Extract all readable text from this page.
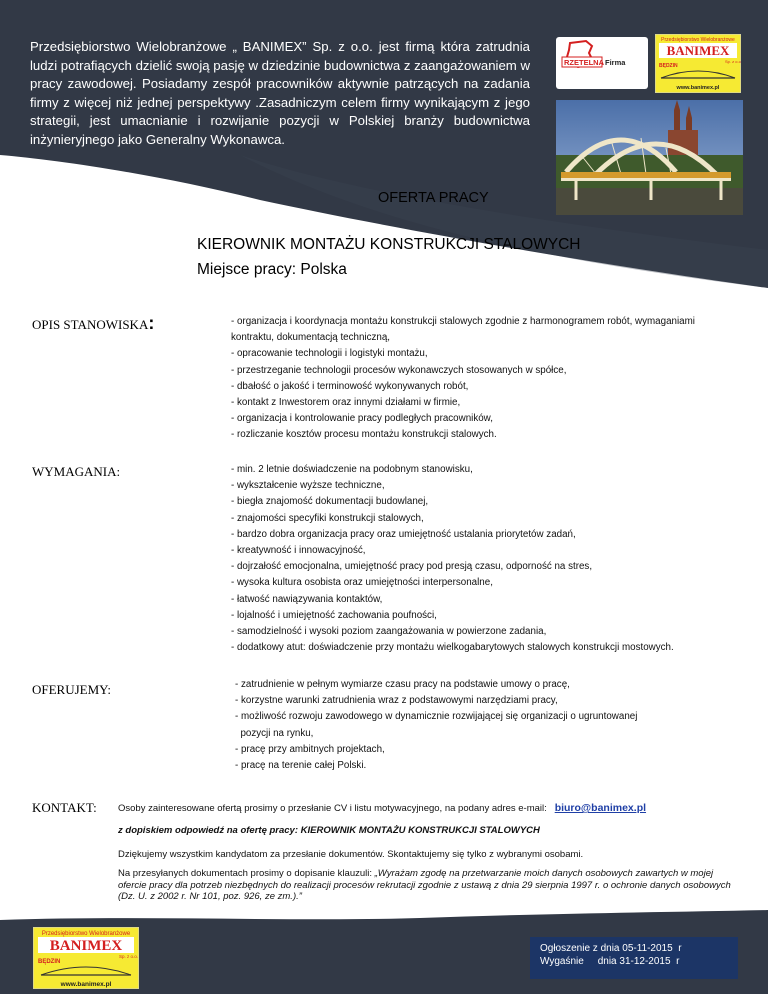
Przedsiębiorstwo Wielobranżowe „ BANIMEX” Sp. z o.o. jest firmą która zatrudnia ludzi potrafiących dzielić swoją pasję w dziedzinie budownictwa z zaangażowaniem w pracy zawodowej. Posiadamy zespół pracowników aktywnie patrzących na zadania firmy z więcej niż jednej perspektywy .Zasadniczym celem firmy wynikającym z jego strategii, jest umacnianie i rozwijanie pozycji w Polskiej branży budownictwa inżynieryjnego jako Generalny Wykonawca.

RZETELNA Firma
Przedsiębiorstwo Wielobranżowe
BANIMEX
Sp. z o.o.
BĘDZIN
www.banimex.pl

OFERTA PRACY

KIEROWNIK MONTAŻU KONSTRUKCJI STALOWYCH

Miejsce pracy: Polska

OPIS STANOWISKA:	- organizacja i koordynacja montażu konstrukcji stalowych zgodnie z harmonogramem robót, wymaganiami
kontraktu, dokumentacją techniczną,
- opracowanie technologii i logistyki montażu,
- przestrzeganie technologii procesów wykonawczych stosowanych w spółce,
- dbałość o jakość i terminowość wykonywanych robót,
- kontakt z Inwestorem oraz innymi działami w firmie,
- organizacja i kontrolowanie pracy podległych pracowników,
- rozliczanie kosztów procesu montażu konstrukcji stalowych.

WYMAGANIA:	- min. 2 letnie doświadczenie na podobnym stanowisku,
- wykształcenie wyższe techniczne,
- biegła znajomość dokumentacji budowlanej,
- znajomości specyfiki konstrukcji stalowych,
- bardzo dobra organizacja pracy oraz umiejętność ustalania priorytetów zadań,
- kreatywność i innowacyjność,
- dojrzałość emocjonalna, umiejętność pracy pod presją czasu, odporność na stres,
- wysoka kultura osobista oraz umiejętności interpersonalne,
- łatwość nawiązywania kontaktów,
- lojalność i umiejętność zachowania poufności,
- samodzielność i wysoki poziom zaangażowania w powierzone zadania,
- dodatkowy atut: doświadczenie przy montażu wielkogabarytowych stalowych konstrukcji mostowych.

OFERUJEMY:	- zatrudnienie w pełnym wymiarze czasu pracy na podstawie umowy o pracę,
- korzystne warunki zatrudnienia wraz z podstawowymi narzędziami pracy,
- możliwość rozwoju zawodowego w dynamicznie rozwijającej się organizacji o ugruntowanej
pozycji na rynku,
- pracę przy ambitnych projektach,
- pracę na terenie całej Polski.

KONTAKT: Osoby zainteresowane ofertą prosimy o przesłanie CV i listu motywacyjnego, na podany adres e-mail: biuro@banimex.pl

z dopiskiem odpowiedź na ofertę pracy: KIEROWNIK MONTAŻU KONSTRUKCJI STALOWYCH

Dziękujemy wszystkim kandydatom za przesłanie dokumentów. Skontaktujemy się tylko z wybranymi osobami.

Na przesyłanych dokumentach prosimy o dopisanie klauzuli: „Wyrażam zgodę na przetwarzanie moich danych osobowych zawartych w mojej ofercie pracy dla potrzeb niezbędnych do realizacji procesów rekrutacji zgodnie z ustawą z dnia 29 sierpnia 1997 r. o ochronie danych osobowych (Dz. U. z 2002 r. Nr 101, poz. 926, ze zm.).”

Przedsiębiorstwo Wielobranżowe
BANIMEX
Sp. z o.o.
BĘDZIN
www.banimex.pl
Ogłoszenie z dnia 05-11-2015  r
Wygaśnie     dnia 31-12-2015  r
